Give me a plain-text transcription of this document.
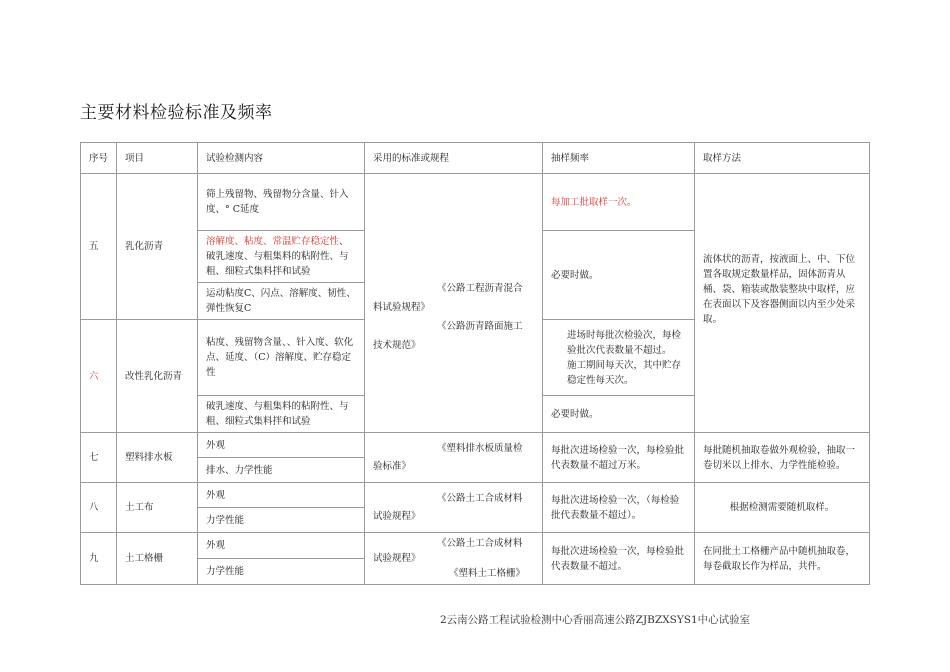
主要材料检验标准及频率
序号	项目	试验检测内容	采用的标准或规程	抽样频率	取样方法
五	乳化沥青	筛上残留物、残留物分含量、针入度、° C延度	《公路工程沥青混合
料试验规程》
《公路沥青路面施工
技术规范》	每加工批取样一次。	流体状的沥青，按液面上、中、下位置各取规定数量样品，固体沥青从桶、袋、箱装或散装整块中取样，应在表面以下及容器侧面以内至少处采取。
		溶解度、粘度、常温贮存稳定性、破乳速度、与粗集料的粘附性、与粗、细粒式集料拌和试验		必要时做。	
		运动粘度C、闪点、溶解度、韧性、弹性恢复C			
六	改性乳化沥青	粘度、残留物含量、、针入度、软化点、延度、（C）溶解度、贮存稳定性		进场时每批次检验次，每检验批次代表数量不超过。
施工期间每天次，其中贮存稳定性每天次。	

		破乳速度、与粗集料的粘附性、与粗、细粒式集料拌和试验		必要时做。	
七	塑料排水板	外观	《塑料排水板质量检
验标准》	每批次进场检验一次，每检验批代表数量不超过万米。	每批随机抽取卷做外观检验，抽取一卷切米以上排水、力学性能检验。
		排水、力学性能			
八	土工布	外观	《公路土工合成材料
试验规程》	每批次进场检验一次，（每检验批代表数量不超过）。	根据检测需要随机取样。
		力学性能			
九	土工格栅	外观	《公路土工合成材料
试验规程》
《塑料土工格栅》	每批次进场检验一次，每检验批代表数量不超过。	在同批土工格栅产品中随机抽取卷，每卷截取长作为样品，共件。
		力学性能			
2云南公路工程试验检测中心香丽高速公路ZJBZXSYS1中心试验室
